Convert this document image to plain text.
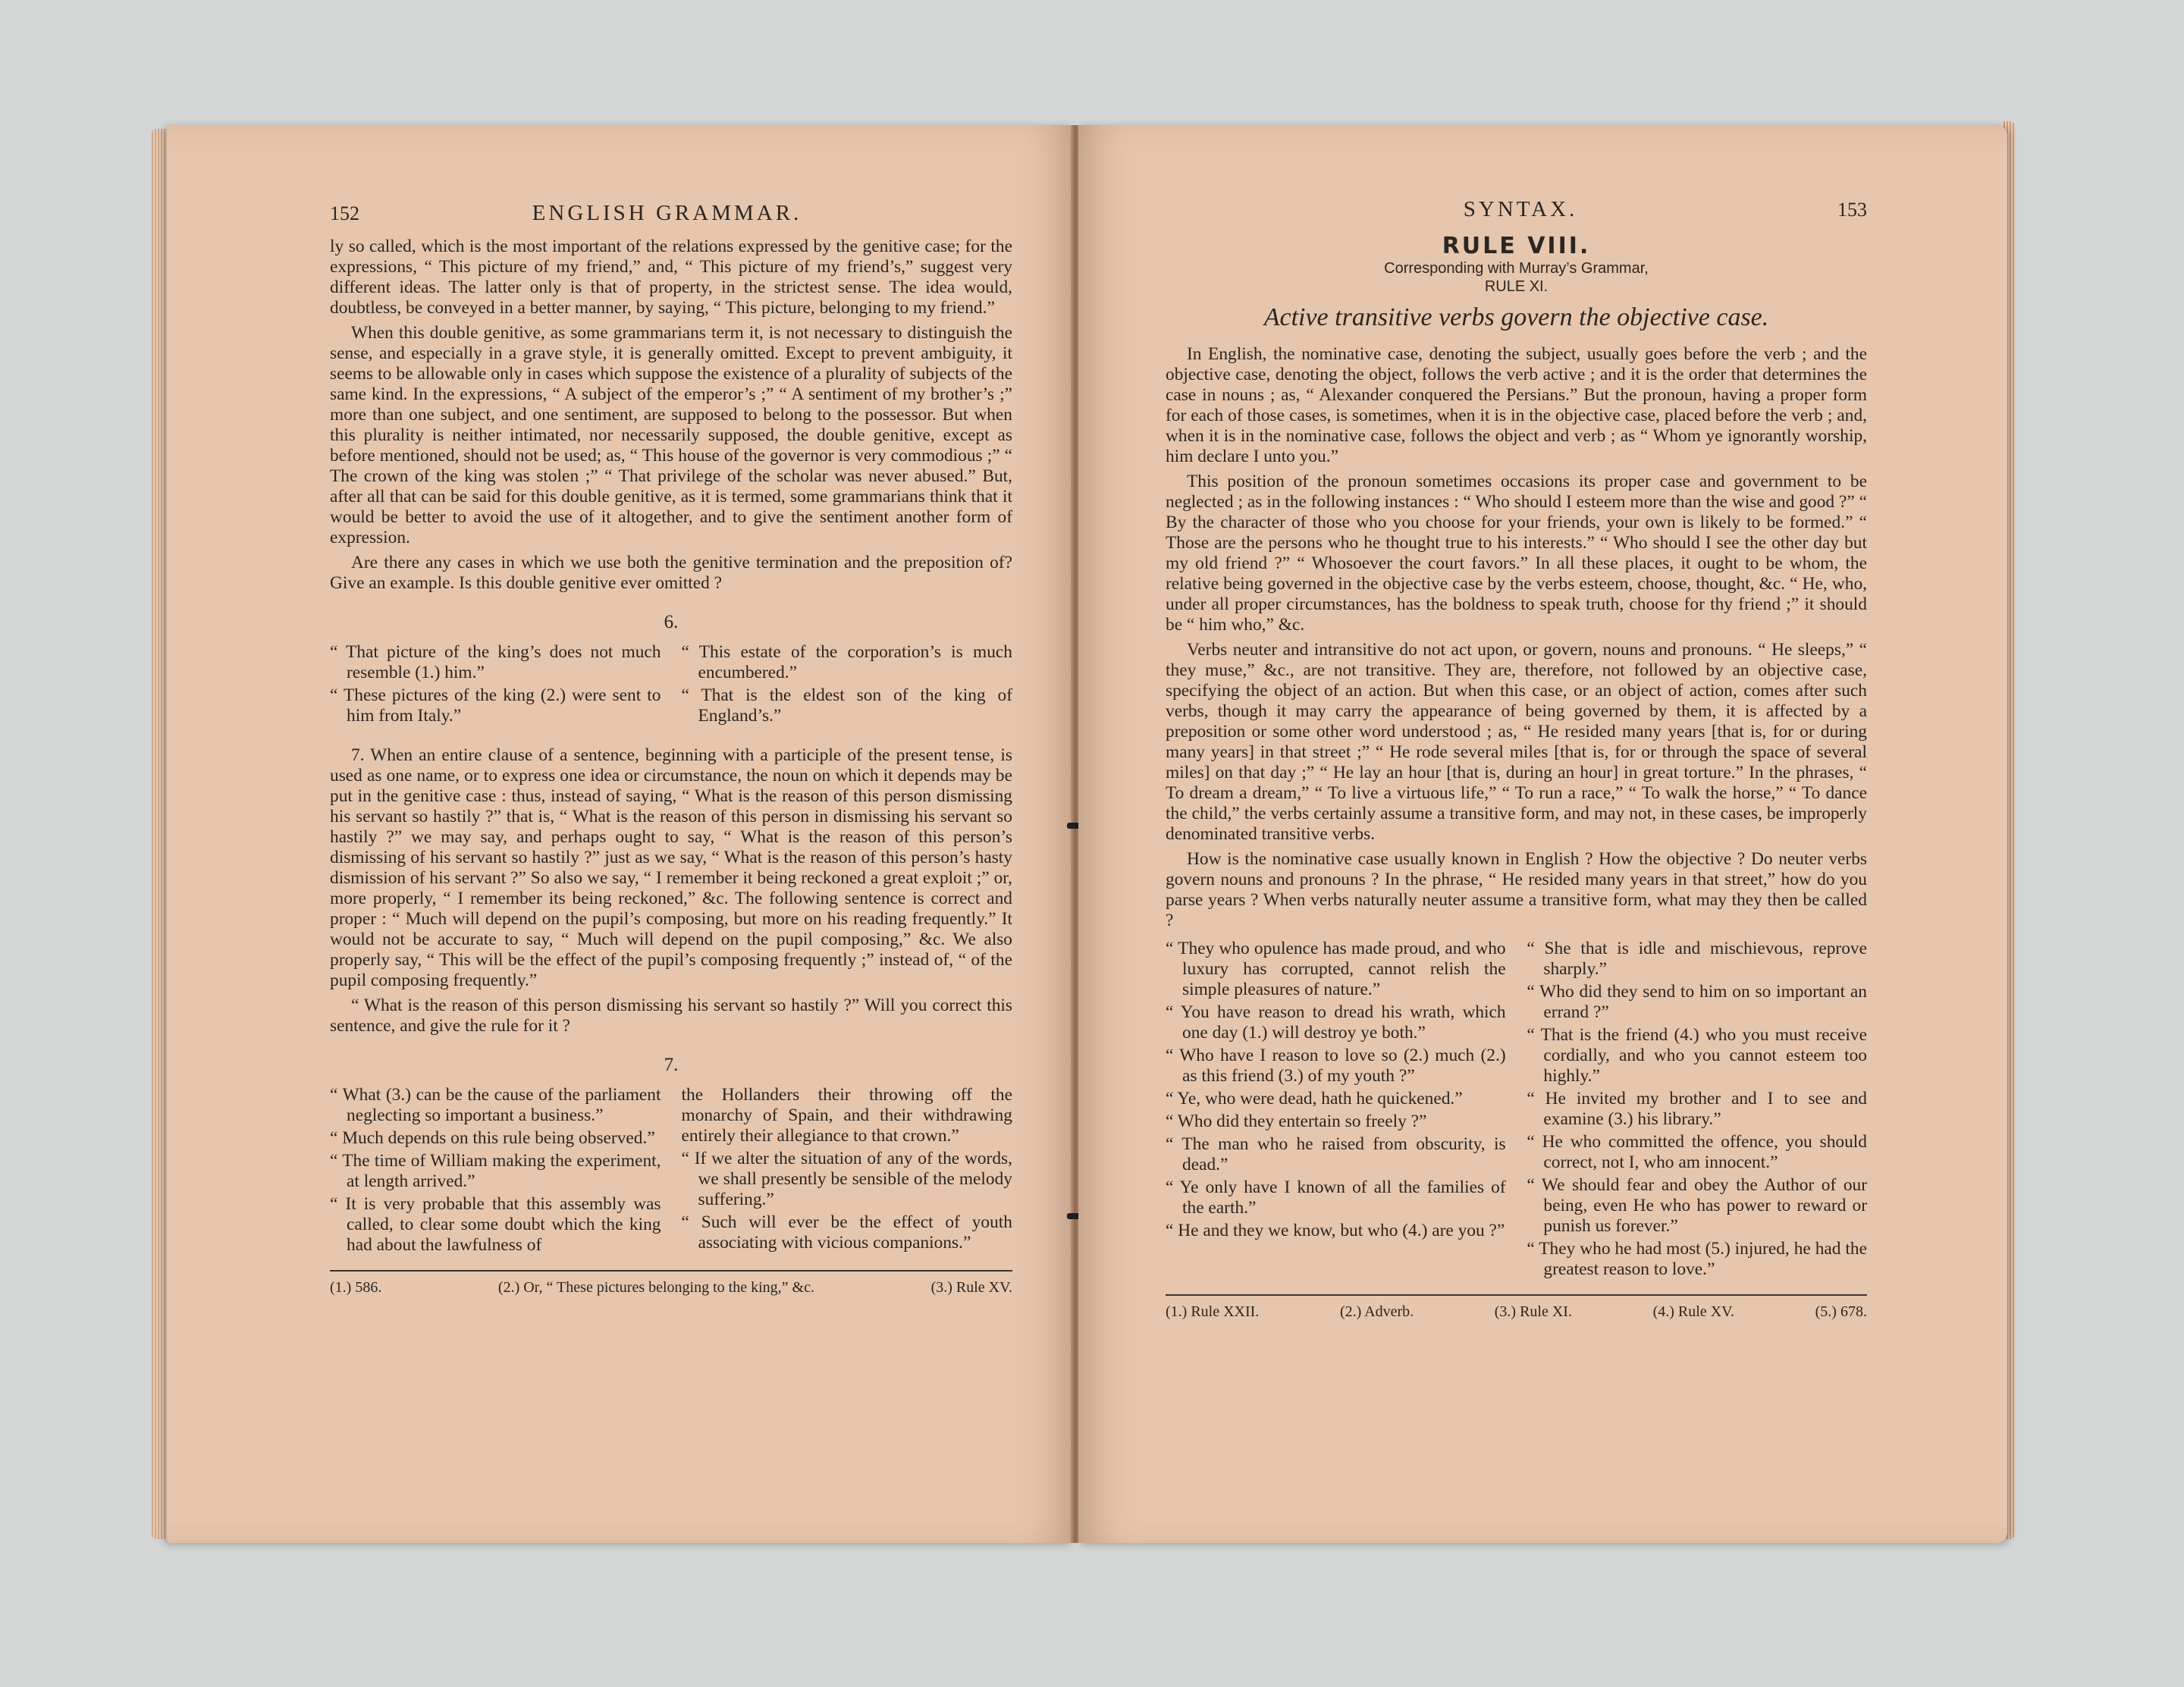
152	ENGLISH GRAMMAR.

ly so called, which is the most important of the relations expressed by the genitive case; for the expressions, “ This picture of my friend,” and, “ This picture of my friend’s,” suggest very different ideas. The latter only is that of property, in the strictest sense. The idea would, doubtless, be conveyed in a better manner, by saying, “ This picture, belonging to my friend.”

When this double genitive, as some grammarians term it, is not necessary to distinguish the sense, and especially in a grave style, it is generally omitted. Except to prevent ambiguity, it seems to be allowable only in cases which suppose the existence of a plurality of subjects of the same kind. In the expressions, “ A subject of the emperor’s ;” “ A sentiment of my brother’s ;” more than one subject, and one sentiment, are supposed to belong to the possessor. But when this plurality is neither intimated, nor necessarily supposed, the double genitive, except as before mentioned, should not be used; as, “ This house of the governor is very commodious ;” “ The crown of the king was stolen ;” “ That privilege of the scholar was never abused.” But, after all that can be said for this double genitive, as it is termed, some grammarians think that it would be better to avoid the use of it altogether, and to give the sentiment another form of expression.

Are there any cases in which we use both the genitive termination and the preposition of? Give an example. Is this double genitive ever omitted ?

6.

“ That picture of the king’s does not much resemble (1.) him.”

“ These pictures of the king (2.) were sent to him from Italy.”

“ This estate of the corporation’s is much encumbered.”

“ That is the eldest son of the king of England’s.”

7. When an entire clause of a sentence, beginning with a participle of the present tense, is used as one name, or to express one idea or circumstance, the noun on which it depends may be put in the genitive case : thus, instead of saying, “ What is the reason of this person dismissing his servant so hastily ?” that is, “ What is the reason of this person in dismissing his servant so hastily ?” we may say, and perhaps ought to say, “ What is the reason of this person’s dismissing of his servant so hastily ?” just as we say, “ What is the reason of this person’s hasty dismission of his servant ?” So also we say, “ I remember it being reckoned a great exploit ;” or, more properly, “ I remember its being reckoned,” &c. The following sentence is correct and proper : “ Much will depend on the pupil’s composing, but more on his reading frequently.” It would not be accurate to say, “ Much will depend on the pupil composing,” &c. We also properly say, “ This will be the effect of the pupil’s composing frequently ;” instead of, “ of the pupil composing frequently.”

“ What is the reason of this person dismissing his servant so hastily ?” Will you correct this sentence, and give the rule for it ?

7.

“ What (3.) can be the cause of the parliament neglecting so important a business.”

“ Much depends on this rule being observed.”

“ The time of William making the experiment, at length arrived.”

“ It is very probable that this assembly was called, to clear some doubt which the king had about the lawfulness of

the Hollanders their throwing off the monarchy of Spain, and their withdrawing entirely their allegiance to that crown.”

“ If we alter the situation of any of the words, we shall presently be sensible of the melody suffering.”

“ Such will ever be the effect of youth associating with vicious companions.”

(1.) 586.	(2.) Or, “ These pictures belonging to the king,” &c.	(3.) Rule XV.
SYNTAX.	153
RULE VIII.
Corresponding with Murray’s Grammar,
RULE XI.
Active transitive verbs govern the objective case.

In English, the nominative case, denoting the subject, usually goes before the verb ; and the objective case, denoting the object, follows the verb active ; and it is the order that determines the case in nouns ; as, “ Alexander conquered the Persians.” But the pronoun, having a proper form for each of those cases, is sometimes, when it is in the objective case, placed before the verb ; and, when it is in the nominative case, follows the object and verb ; as “ Whom ye ignorantly worship, him declare I unto you.”

This position of the pronoun sometimes occasions its proper case and government to be neglected ; as in the following instances : “ Who should I esteem more than the wise and good ?” “ By the character of those who you choose for your friends, your own is likely to be formed.” “ Those are the persons who he thought true to his interests.” “ Who should I see the other day but my old friend ?” “ Whosoever the court favors.” In all these places, it ought to be whom, the relative being governed in the objective case by the verbs esteem, choose, thought, &c. “ He, who, under all proper circumstances, has the boldness to speak truth, choose for thy friend ;” it should be “ him who,” &c.

Verbs neuter and intransitive do not act upon, or govern, nouns and pronouns. “ He sleeps,” “ they muse,” &c., are not transitive. They are, therefore, not followed by an objective case, specifying the object of an action. But when this case, or an object of action, comes after such verbs, though it may carry the appearance of being governed by them, it is affected by a preposition or some other word understood ; as, “ He resided many years [that is, for or during many years] in that street ;” “ He rode several miles [that is, for or through the space of several miles] on that day ;” “ He lay an hour [that is, during an hour] in great torture.” In the phrases, “ To dream a dream,” “ To live a virtuous life,” “ To run a race,” “ To walk the horse,” “ To dance the child,” the verbs certainly assume a transitive form, and may not, in these cases, be improperly denominated transitive verbs.

How is the nominative case usually known in English ? How the objective ? Do neuter verbs govern nouns and pronouns ? In the phrase, “ He resided many years in that street,” how do you parse years ? When verbs naturally neuter assume a transitive form, what may they then be called ?

“ They who opulence has made proud, and who luxury has corrupted, cannot relish the simple pleasures of nature.”

“ You have reason to dread his wrath, which one day (1.) will destroy ye both.”

“ Who have I reason to love so (2.) much (2.) as this friend (3.) of my youth ?”

“ Ye, who were dead, hath he quickened.”

“ Who did they entertain so freely ?”

“ The man who he raised from obscurity, is dead.”

“ Ye only have I known of all the families of the earth.”

“ He and they we know, but who (4.) are you ?”

“ She that is idle and mischievous, reprove sharply.”

“ Who did they send to him on so important an errand ?”

“ That is the friend (4.) who you must receive cordially, and who you cannot esteem too highly.”

“ He invited my brother and I to see and examine (3.) his library.”

“ He who committed the offence, you should correct, not I, who am innocent.”

“ We should fear and obey the Author of our being, even He who has power to reward or punish us forever.”

“ They who he had most (5.) injured, he had the greatest reason to love.”

(1.) Rule XXII.	(2.) Adverb.	(3.) Rule XI.	(4.) Rule XV.	(5.) 678.
